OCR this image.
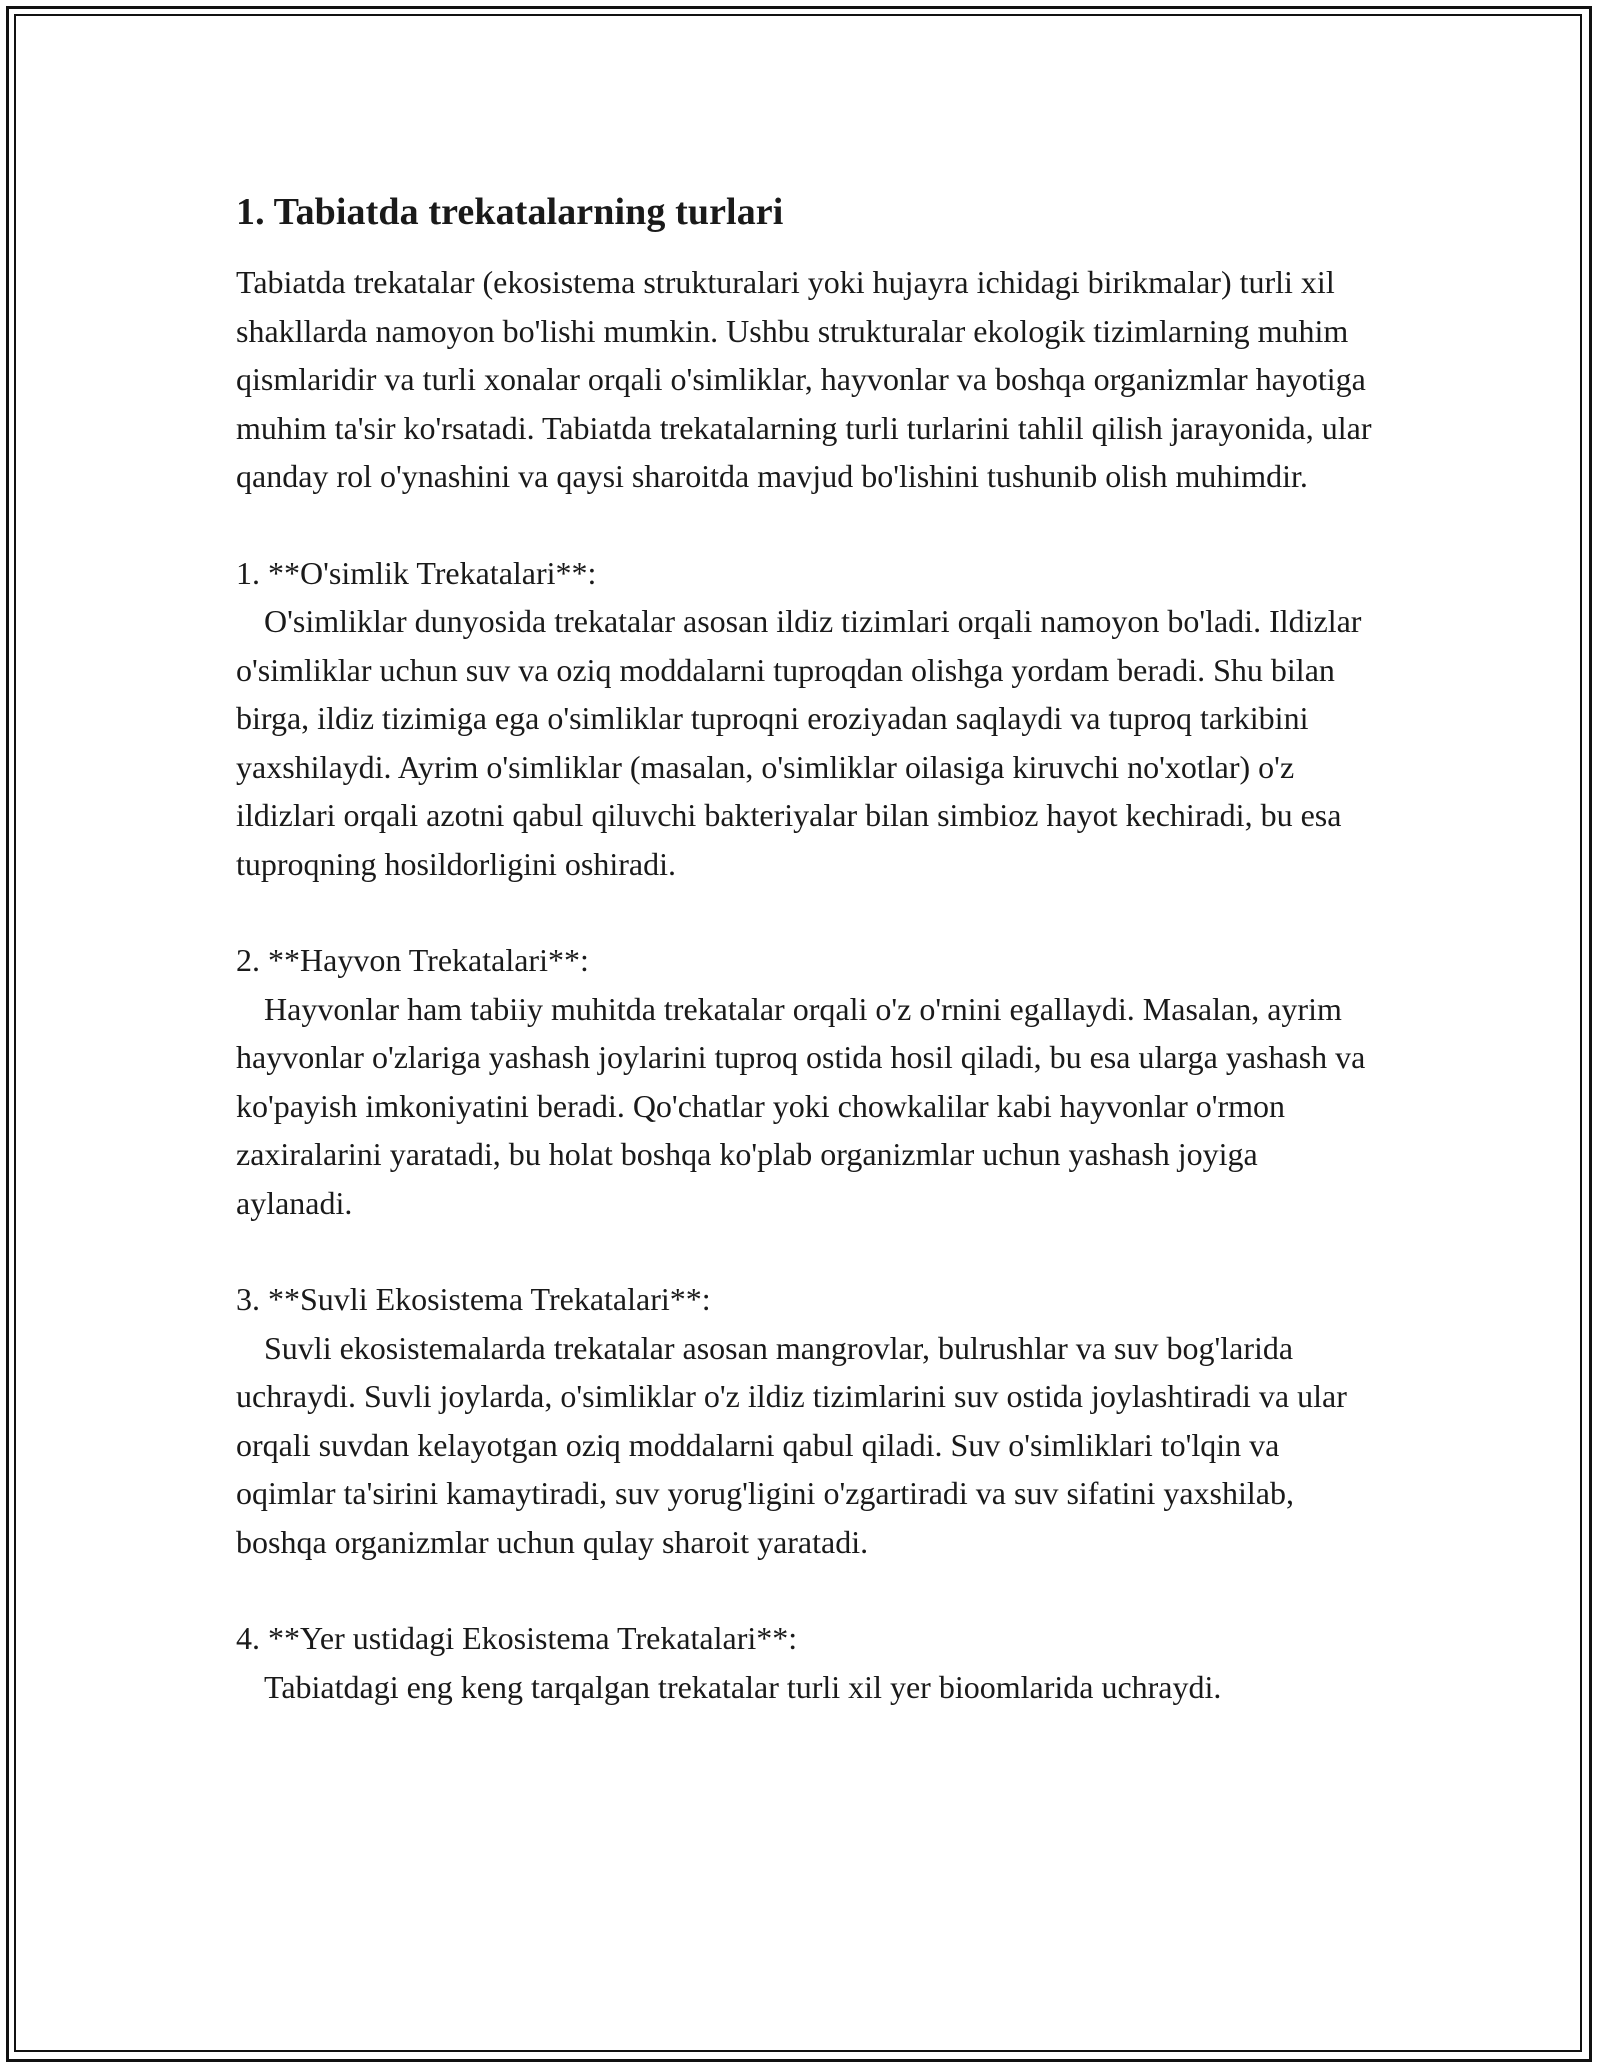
1. Tabiatda trekatalarning turlari

Tabiatda trekatalar (ekosistema strukturalari yoki hujayra ichidagi birikmalar) turli xil shakllarda namoyon bo'lishi mumkin. Ushbu strukturalar ekologik tizimlarning muhim qismlaridir va turli xonalar orqali o'simliklar, hayvonlar va boshqa organizmlar hayotiga muhim ta'sir ko'rsatadi. Tabiatda trekatalarning turli turlarini tahlil qilish jarayonida, ular qanday rol o'ynashini va qaysi sharoitda mavjud bo'lishini tushunib olish muhimdir.

1. **O'simlik Trekatalari**:

O'simliklar dunyosida trekatalar asosan ildiz tizimlari orqali namoyon bo'ladi. Ildizlar o'simliklar uchun suv va oziq moddalarni tuproqdan olishga yordam beradi. Shu bilan birga, ildiz tizimiga ega o'simliklar tuproqni eroziyadan saqlaydi va tuproq tarkibini yaxshilaydi. Ayrim o'simliklar (masalan, o'simliklar oilasiga kiruvchi no'xotlar) o'z ildizlari orqali azotni qabul qiluvchi bakteriyalar bilan simbioz hayot kechiradi, bu esa tuproqning hosildorligini oshiradi.

2. **Hayvon Trekatalari**:

Hayvonlar ham tabiiy muhitda trekatalar orqali o'z o'rnini egallaydi. Masalan, ayrim hayvonlar o'zlariga yashash joylarini tuproq ostida hosil qiladi, bu esa ularga yashash va ko'payish imkoniyatini beradi. Qo'chatlar yoki chowkalilar kabi hayvonlar o'rmon zaxiralarini yaratadi, bu holat boshqa ko'plab organizmlar uchun yashash joyiga aylanadi.

3. **Suvli Ekosistema Trekatalari**:

Suvli ekosistemalarda trekatalar asosan mangrovlar, bulrushlar va suv bog'larida uchraydi. Suvli joylarda, o'simliklar o'z ildiz tizimlarini suv ostida joylashtiradi va ular orqali suvdan kelayotgan oziq moddalarni qabul qiladi. Suv o'simliklari to'lqin va oqimlar ta'sirini kamaytiradi, suv yorug'ligini o'zgartiradi va suv sifatini yaxshilab, boshqa organizmlar uchun qulay sharoit yaratadi.

4. **Yer ustidagi Ekosistema Trekatalari**:

Tabiatdagi eng keng tarqalgan trekatalar turli xil yer bioomlarida uchraydi.
